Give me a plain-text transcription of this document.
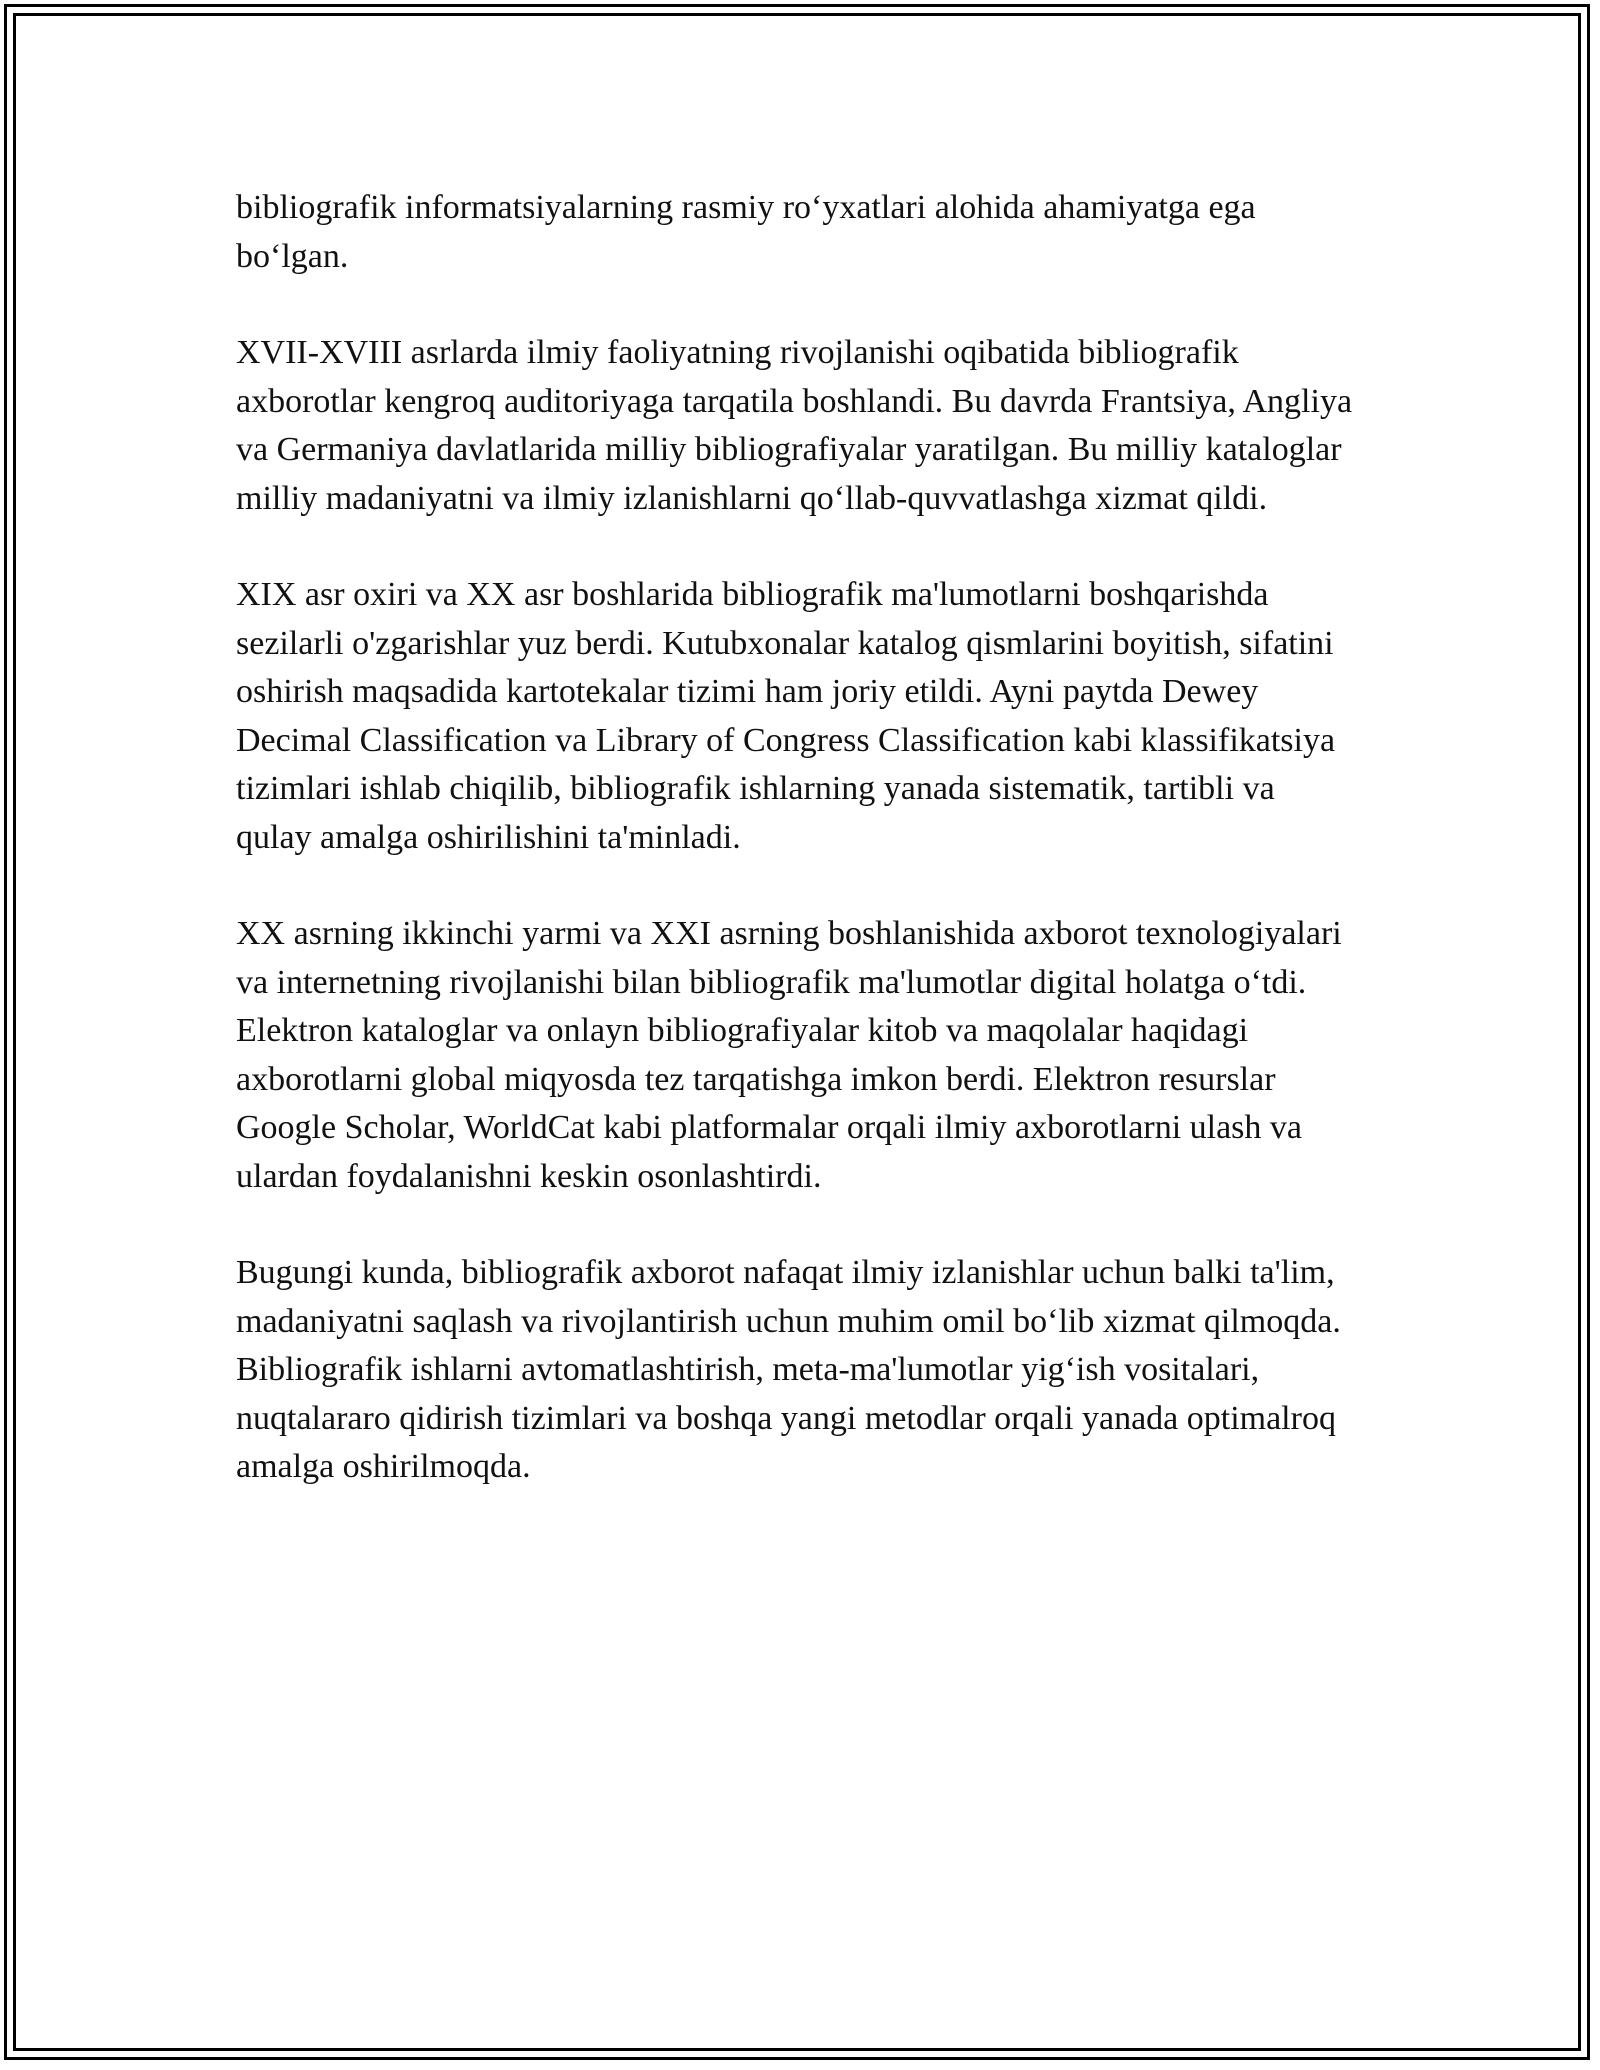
bibliografik informatsiyalarning rasmiy ro‘yxatlari alohida ahamiyatga ega bo‘lgan.

XVII-XVIII asrlarda ilmiy faoliyatning rivojlanishi oqibatida bibliografik axborotlar kengroq auditoriyaga tarqatila boshlandi. Bu davrda Frantsiya, Angliya va Germaniya davlatlarida milliy bibliografiyalar yaratilgan. Bu milliy kataloglar milliy madaniyatni va ilmiy izlanishlarni qo‘llab-quvvatlashga xizmat qildi.

XIX asr oxiri va XX asr boshlarida bibliografik ma'lumotlarni boshqarishda sezilarli o'zgarishlar yuz berdi. Kutubxonalar katalog qismlarini boyitish, sifatini oshirish maqsadida kartotekalar tizimi ham joriy etildi. Ayni paytda Dewey Decimal Classification va Library of Congress Classification kabi klassifikatsiya tizimlari ishlab chiqilib, bibliografik ishlarning yanada sistematik, tartibli va qulay amalga oshirilishini ta'minladi.

XX asrning ikkinchi yarmi va XXI asrning boshlanishida axborot texnologiyalari va internetning rivojlanishi bilan bibliografik ma'lumotlar digital holatga o‘tdi. Elektron kataloglar va onlayn bibliografiyalar kitob va maqolalar haqidagi axborotlarni global miqyosda tez tarqatishga imkon berdi. Elektron resurslar Google Scholar, WorldCat kabi platformalar orqali ilmiy axborotlarni ulash va ulardan foydalanishni keskin osonlashtirdi.

Bugungi kunda, bibliografik axborot nafaqat ilmiy izlanishlar uchun balki ta'lim, madaniyatni saqlash va rivojlantirish uchun muhim omil bo‘lib xizmat qilmoqda. Bibliografik ishlarni avtomatlashtirish, meta-ma'lumotlar yig‘ish vositalari, nuqtalararo qidirish tizimlari va boshqa yangi metodlar orqali yanada optimalroq amalga oshirilmoqda.
